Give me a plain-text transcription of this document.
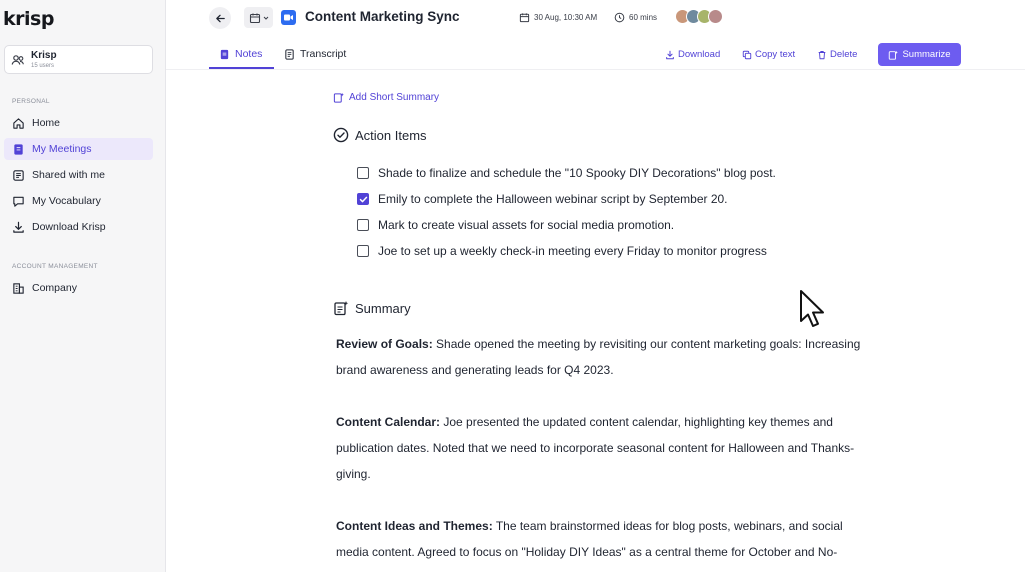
krisp
Krisp
15 users
PERSONAL
Home
My Meetings
Shared with me
My Vocabulary
Download Krisp
ACCOUNT MANAGEMENT
Company
Content Marketing Sync	30 Aug, 10:30 AM	60 mins
Notes	Transcript	Download	Copy text	Delete	Summarize
Add Short Summary
Action Items
Shade to finalize and schedule the "10 Spooky DIY Decorations" blog post.
Emily to complete the Halloween webinar script by September 20.
Mark to create visual assets for social media promotion.
Joe to set up a weekly check-in meeting every Friday to monitor progress
Summary
Review of Goals: Shade opened the meeting by revisiting our content marketing goals: Increasing
brand awareness and generating leads for Q4 2023.
Content Calendar: Joe presented the updated content calendar, highlighting key themes and
publication dates. Noted that we need to incorporate seasonal content for Halloween and Thanks-
giving.
Content Ideas and Themes: The team brainstormed ideas for blog posts, webinars, and social
media content. Agreed to focus on "Holiday DIY Ideas" as a central theme for October and No-
